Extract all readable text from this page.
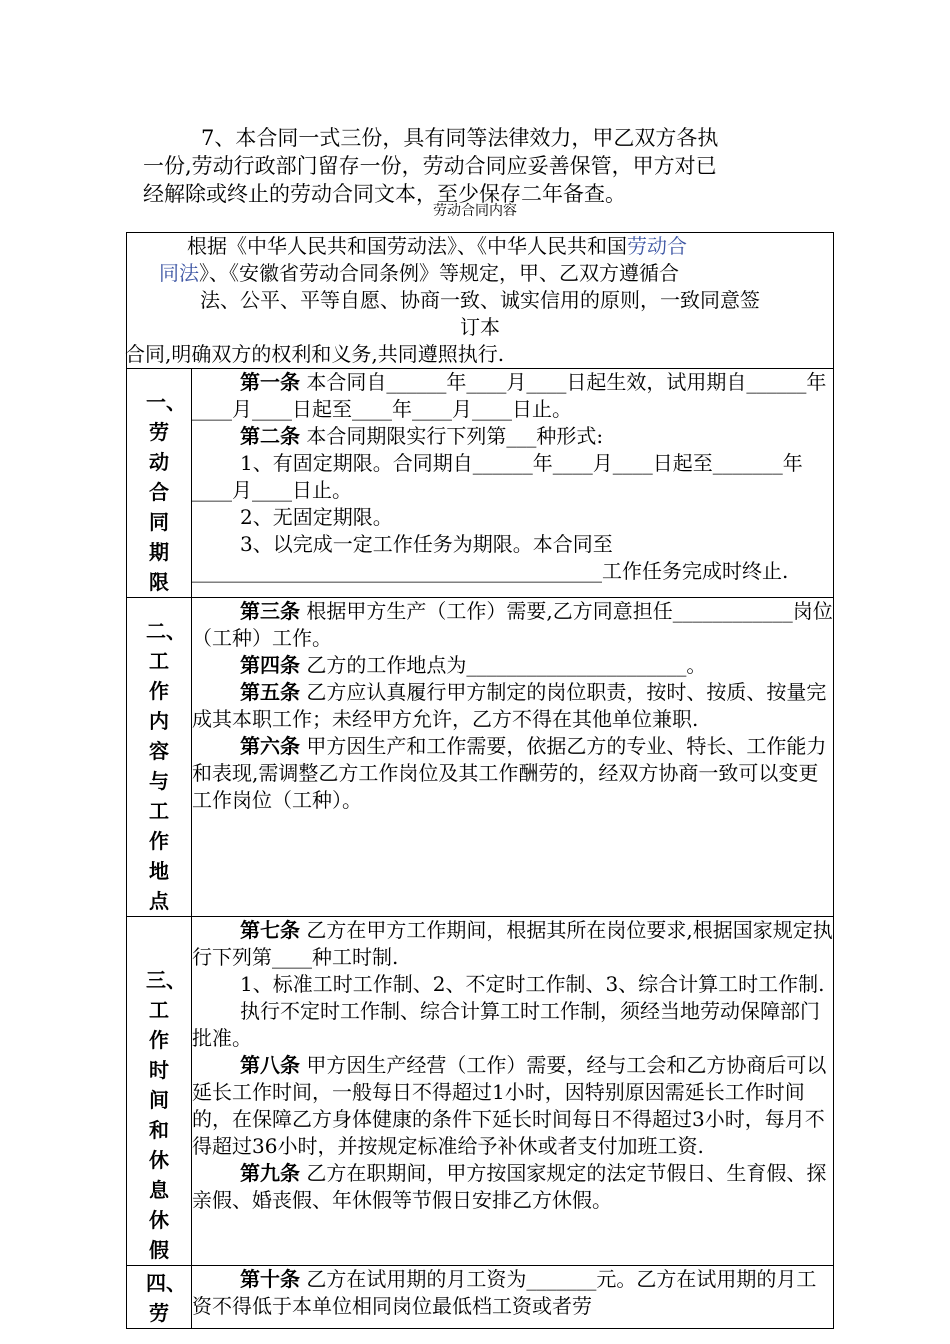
7、本合同一式三份，具有同等法律效力，甲乙双方各执

一份,劳动行政部门留存一份，劳动合同应妥善保管，甲方对已

经解除或终止的劳动合同文本，至少保存二年备查。

劳动合同内容
根据《中华人民共和国劳动法》、《中华人民共和国劳动合
同法》、《安徽省劳动合同条例》等规定，甲、乙双方遵循合
法、公平、平等自愿、协商一致、诚实信用的原则，一致同意签
订本
合同,明确双方的权利和义务,共同遵照执行.	

一、劳动合同期限	第一条 本合同自______年____月____日起生效，试用期自______年____月____日起至____年____月____日止。

第二条 本合同期限实行下列第___种形式:

1、有固定期限。合同期自______年____月____日起至_______年____月____日止。

2、无固定期限。

3、以完成一定工作任务为期限。本合同至_________________________________________工作任务完成时终止.

二、工作内容与工作地点	第三条 根据甲方生产（工作）需要,乙方同意担任____________岗位（工种）工作。

第四条 乙方的工作地点为______________________。

第五条 乙方应认真履行甲方制定的岗位职责，按时、按质、按量完成其本职工作；未经甲方允许，乙方不得在其他单位兼职.

第六条 甲方因生产和工作需要，依据乙方的专业、特长、工作能力和表现,需调整乙方工作岗位及其工作酬劳的，经双方协商一致可以变更工作岗位（工种）。

三、工作时间和休息休假	第七条 乙方在甲方工作期间，根据其所在岗位要求,根据国家规定执行下列第____种工时制.

1、标准工时工作制、2、不定时工作制、3、综合计算工时工作制.

执行不定时工作制、综合计算工时工作制，须经当地劳动保障部门批准。

第八条 甲方因生产经营（工作）需要，经与工会和乙方协商后可以延长工作时间，一般每日不得超过1小时，因特别原因需延长工作时间的，在保障乙方身体健康的条件下延长时间每日不得超过3小时，每月不得超过36小时，并按规定标准给予补休或者支付加班工资.

第九条 乙方在职期间，甲方按国家规定的法定节假日、生育假、探亲假、婚丧假、年休假等节假日安排乙方休假。

四、劳	第十条 乙方在试用期的月工资为_______元。乙方在试用期的月工资不得低于本单位相同岗位最低档工资或者劳
